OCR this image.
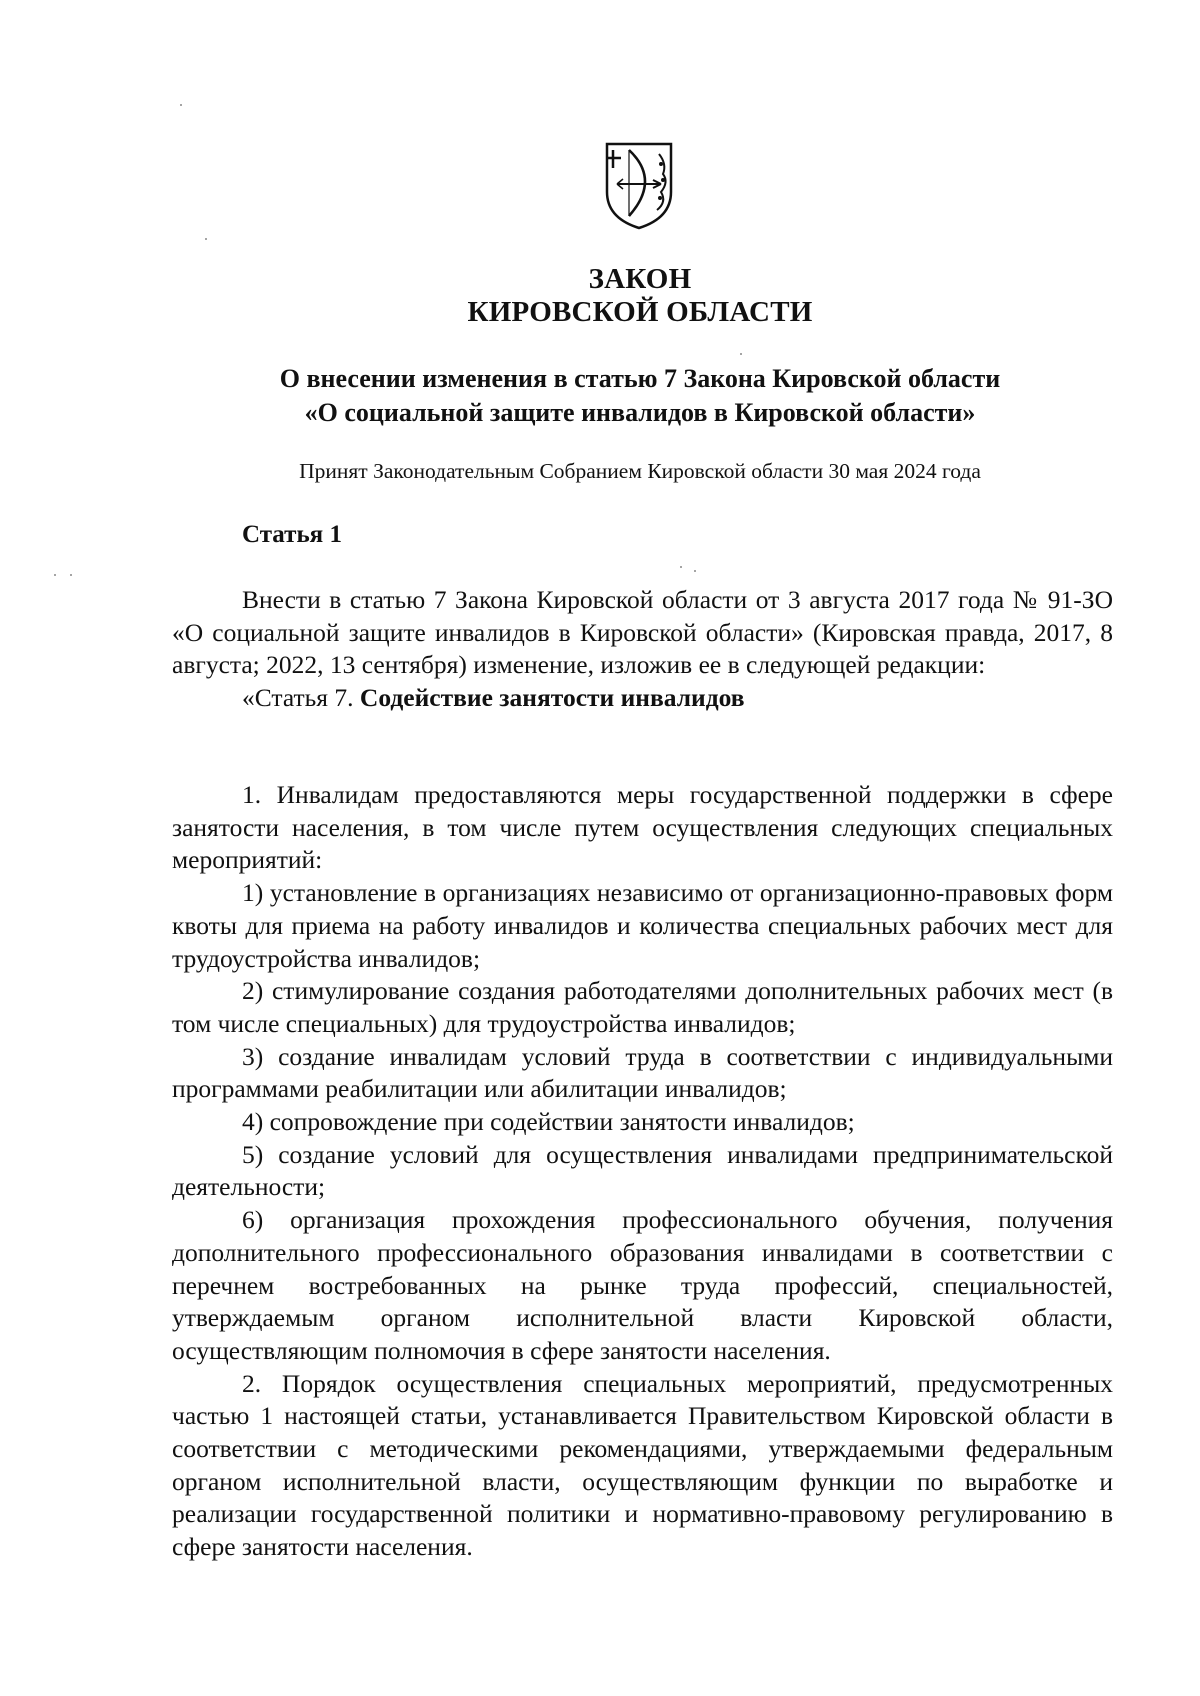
ЗАКОН
КИРОВСКОЙ ОБЛАСТИ
О внесении изменения в статью 7 Закона Кировской области
«О социальной защите инвалидов в Кировской области»
Принят Законодательным Собранием Кировской области 30 мая 2024 года
Статья 1

Внести в статью 7 Закона Кировской области от 3 августа 2017 года № 91-ЗО «О социальной защите инвалидов в Кировской области» (Кировская правда, 2017, 8 августа; 2022, 13 сентября) изменение, изложив ее в следующей редакции:

«Статья 7. Содействие занятости инвалидов

1. Инвалидам предоставляются меры государственной поддержки в сфере занятости населения, в том числе путем осуществления следующих специальных мероприятий:

1) установление в организациях независимо от организационно-правовых форм квоты для приема на работу инвалидов и количества специальных рабочих мест для трудоустройства инвалидов;

2) стимулирование создания работодателями дополнительных рабочих мест (в том числе специальных) для трудоустройства инвалидов;

3) создание инвалидам условий труда в соответствии с индивидуальными программами реабилитации или абилитации инвалидов;

4) сопровождение при содействии занятости инвалидов;

5) создание условий для осуществления инвалидами предпринимательской деятельности;

6) организация прохождения профессионального обучения, получения дополнительного профессионального образования инвалидами в соответствии с перечнем востребованных на рынке труда профессий, специальностей, утверждаемым органом исполнительной власти Кировской области, осуществляющим полномочия в сфере занятости населения.

2. Порядок осуществления специальных мероприятий, предусмотренных частью 1 настоящей статьи, устанавливается Правительством Кировской области в соответствии с методическими рекомендациями, утверждаемыми федеральным органом исполнительной власти, осуществляющим функции по выработке и реализации государственной политики и нормативно-правовому регулированию в сфере занятости населения.
